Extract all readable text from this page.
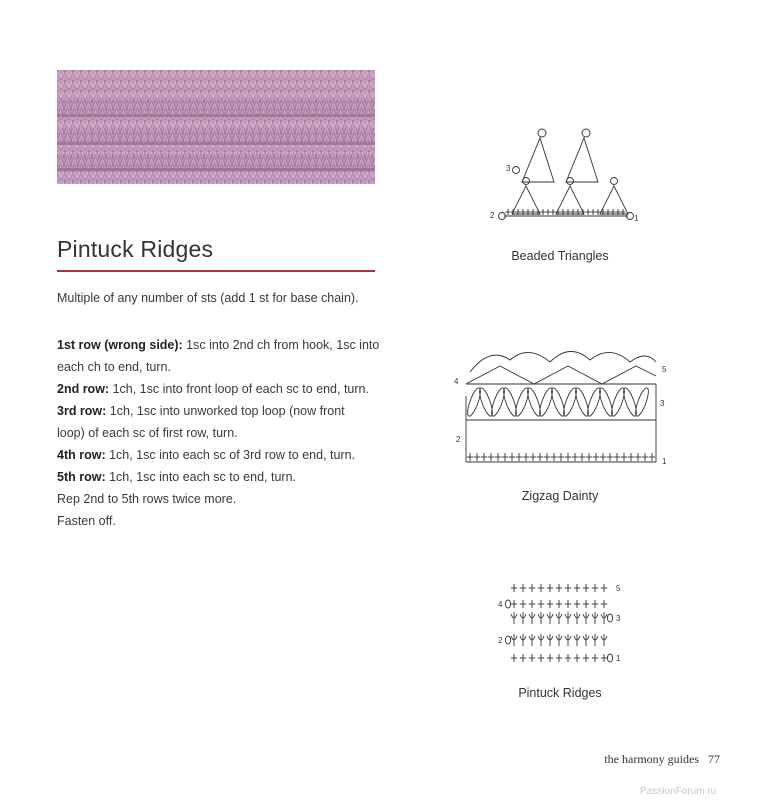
Pintuck Ridges
Multiple of any number of sts (add 1 st for base chain).

1st row (wrong side): 1sc into 2nd ch from hook, 1sc into

each ch to end, turn.

2nd row: 1ch, 1sc into front loop of each sc to end, turn.

3rd row: 1ch, 1sc into unworked top loop (now front

loop) of each sc of first row, turn.

4th row: 1ch, 1sc into each sc of 3rd row to end, turn.

5th row: 1ch, 1sc into each sc to end, turn.

Rep 2nd to 5th rows twice more.

Fasten off.

3
2	1
Beaded Triangles
4
5
3
2
1
Zigzag Dainty
5
4
3
2
1
Pintuck Ridges
the harmony guides 77
PassionForum.ru
